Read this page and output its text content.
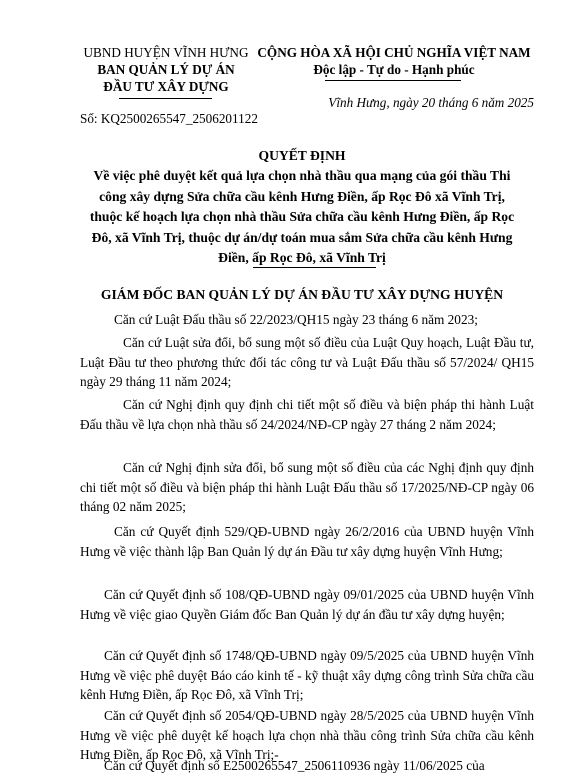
UBND HUYỆN VĨNH HƯNG
BAN QUẢN LÝ DỰ ÁN
ĐẦU TƯ XÂY DỰNG
Số: KQ2500265547_2506201122
CỘNG HÒA XÃ HỘI CHỦ NGHĨA VIỆT NAM
Độc lập - Tự do - Hạnh phúc
Vĩnh Hưng, ngày 20 tháng 6 năm 2025
QUYẾT ĐỊNH
Về việc phê duyệt kết quả lựa chọn nhà thầu qua mạng của gói thầu Thi
công xây dựng Sửa chữa cầu kênh Hưng Điền, ấp Rọc Đô xã Vĩnh Trị,
thuộc kế hoạch lựa chọn nhà thầu Sửa chữa cầu kênh Hưng Điền, ấp Rọc
Đô, xã Vĩnh Trị, thuộc dự án/dự toán mua sắm Sửa chữa cầu kênh Hưng
Điền, ấp Rọc Đô, xã Vĩnh Trị
GIÁM ĐỐC BAN QUẢN LÝ DỰ ÁN ĐẦU TƯ XÂY DỰNG HUYỆN
Căn cứ Luật Đấu thầu số 22/2023/QH15 ngày 23 tháng 6 năm 2023;
Căn cứ Luật sửa đổi, bổ sung một số điều của Luật Quy hoạch, Luật Đầu tư, Luật Đầu tư theo phương thức đối tác công tư và Luật Đấu thầu số 57/2024/ QH15 ngày 29 tháng 11 năm 2024;
Căn cứ Nghị định quy định chi tiết một số điều và biện pháp thi hành Luật Đấu thầu về lựa chọn nhà thầu số 24/2024/NĐ-CP ngày 27 tháng 2 năm 2024;
Căn cứ Nghị định sửa đổi, bổ sung một số điều của các Nghị định quy định chi tiết một số điều và biện pháp thi hành Luật Đấu thầu số 17/2025/NĐ-CP ngày 06 tháng 02 năm 2025;
Căn cứ Quyết định 529/QĐ-UBND ngày 26/2/2016 của UBND huyện Vĩnh Hưng về việc thành lập Ban Quản lý dự án Đầu tư xây dựng huyện Vĩnh Hưng;
Căn cứ Quyết định số 108/QĐ-UBND ngày 09/01/2025 của UBND huyện Vĩnh Hưng về việc giao Quyền Giám đốc Ban Quản lý dự án đầu tư xây dựng huyện;
Căn cứ Quyết định số 1748/QĐ-UBND ngày 09/5/2025 của UBND huyện Vĩnh Hưng về việc phê duyệt Báo cáo kinh tế - kỹ thuật xây dựng công trình Sửa chữa cầu kênh Hưng Điền, ấp Rọc Đô, xã Vĩnh Trị;
Căn cứ Quyết định số 2054/QĐ-UBND ngày 28/5/2025 của UBND huyện Vĩnh Hưng về việc phê duyệt kế hoạch lựa chọn nhà thầu công trình Sửa chữa cầu kênh Hưng Điền, ấp Rọc Đô, xã Vĩnh Trị;-
Căn cứ Quyết định số E2500265547_2506110936 ngày 11/06/2025 của
